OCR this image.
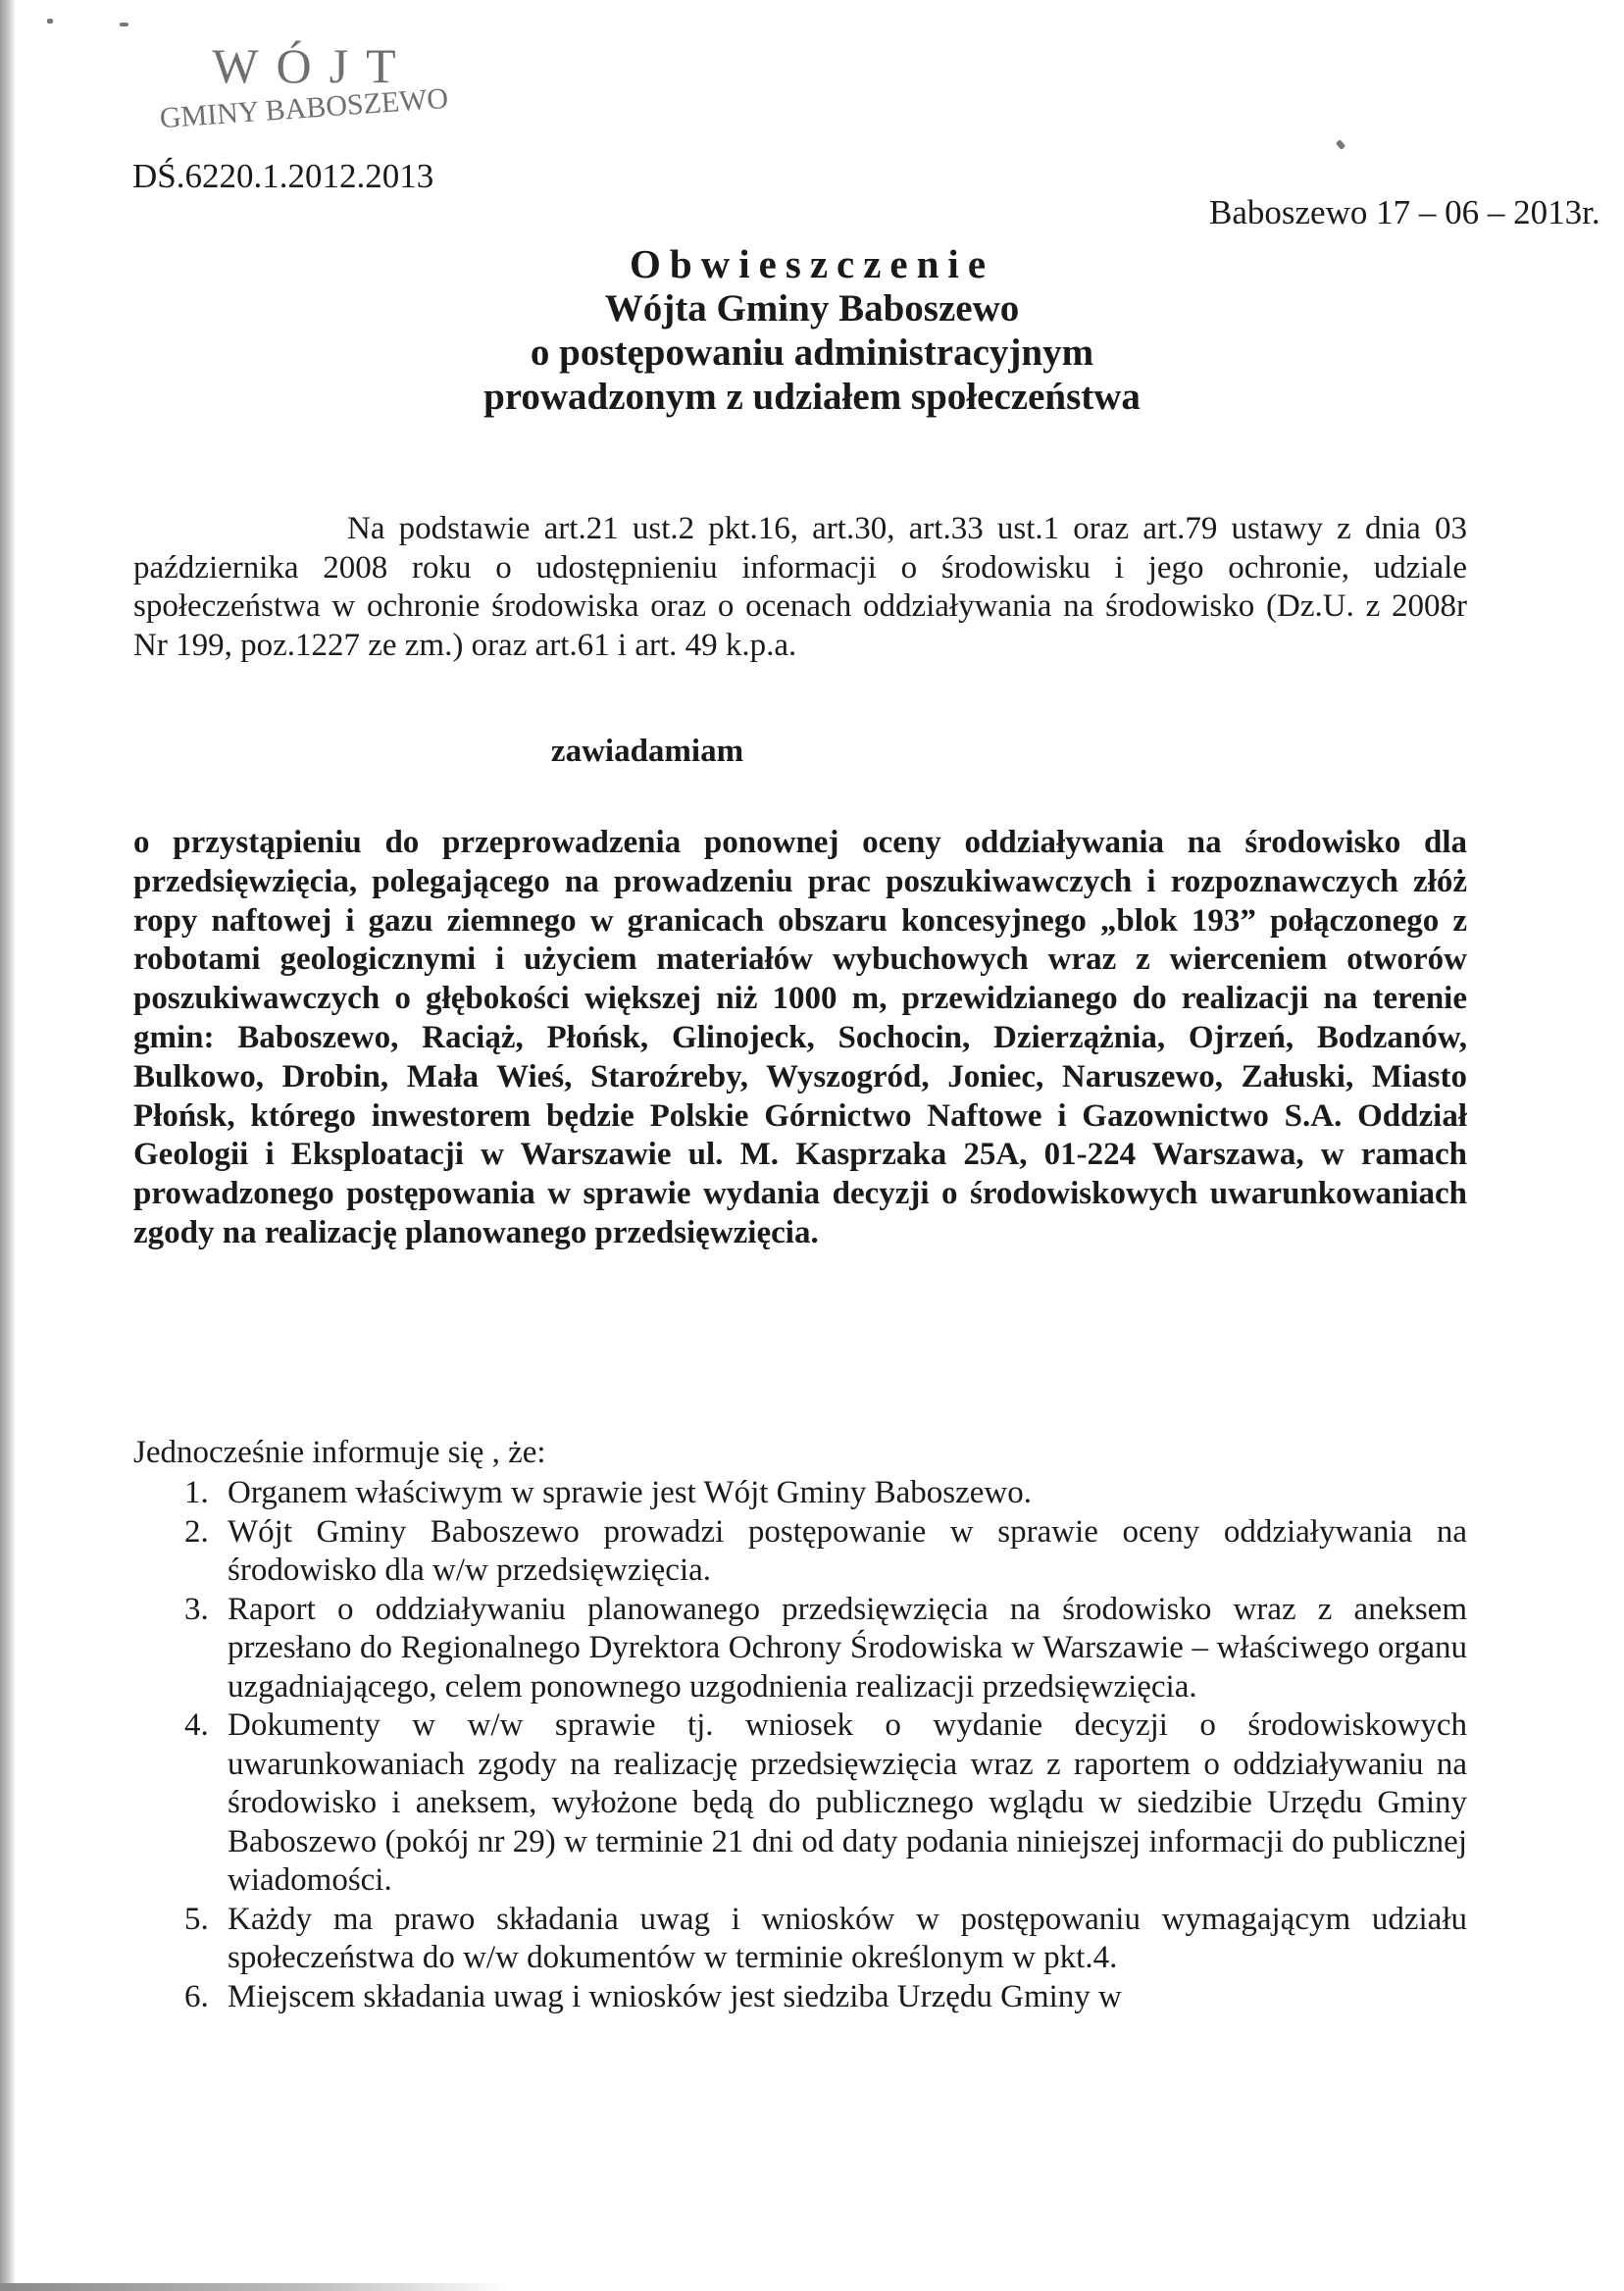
WÓJT
GMINY BABOSZEWO
DŚ.6220.1.2012.2013
Baboszewo 17 – 06 – 2013r.
Obwieszczenie
Wójta Gminy Baboszewo
o postępowaniu administracyjnym
prowadzonym z udziałem społeczeństwa
Na podstawie art.21 ust.2 pkt.16, art.30, art.33 ust.1 oraz art.79 ustawy z dnia 03 października 2008 roku o udostępnieniu informacji o środowisku i jego ochronie, udziale społeczeństwa w ochronie środowiska oraz o ocenach oddziaływania na środowisko (Dz.U. z 2008r Nr 199, poz.1227 ze zm.) oraz art.61 i art. 49 k.p.a.
zawiadamiam
o przystąpieniu do przeprowadzenia ponownej oceny oddziaływania na środowisko dla przedsięwzięcia, polegającego na prowadzeniu prac poszukiwawczych i rozpoznawczych złóż ropy naftowej i gazu ziemnego w granicach obszaru koncesyjnego „blok 193” połączonego z robotami geologicznymi i użyciem materiałów wybuchowych wraz z wierceniem otworów poszukiwawczych o głębokości większej niż 1000 m, przewidzianego do realizacji na terenie gmin: Baboszewo, Raciąż, Płońsk, Glinojeck, Sochocin, Dzierzążnia, Ojrzeń, Bodzanów, Bulkowo, Drobin, Mała Wieś, Staroźreby, Wyszogród, Joniec, Naruszewo, Załuski, Miasto Płońsk, którego inwestorem będzie Polskie Górnictwo Naftowe i Gazownictwo S.A. Oddział Geologii i Eksploatacji w Warszawie ul. M. Kasprzaka 25A, 01-224 Warszawa, w ramach prowadzonego postępowania w sprawie wydania decyzji o środowiskowych uwarunkowaniach zgody na realizację planowanego przedsięwzięcia.
Jednocześnie informuje się , że:
1. Organem właściwym w sprawie jest Wójt Gminy Baboszewo.
2. Wójt Gminy Baboszewo prowadzi postępowanie w sprawie oceny oddziaływania na środowisko dla w/w przedsięwzięcia.
3. Raport o oddziaływaniu planowanego przedsięwzięcia na środowisko wraz z aneksem przesłano do Regionalnego Dyrektora Ochrony Środowiska w Warszawie – właściwego organu uzgadniającego, celem ponownego uzgodnienia realizacji przedsięwzięcia.
4. Dokumenty w w/w sprawie tj. wniosek o wydanie decyzji o środowiskowych uwarunkowaniach zgody na realizację przedsięwzięcia wraz z raportem o oddziaływaniu na środowisko i aneksem, wyłożone będą do publicznego wglądu w siedzibie Urzędu Gminy Baboszewo (pokój nr 29) w terminie 21 dni od daty podania niniejszej informacji do publicznej wiadomości.
5. Każdy ma prawo składania uwag i wniosków w postępowaniu wymagającym udziału społeczeństwa do w/w dokumentów w terminie określonym w pkt.4.
6. Miejscem składania uwag i wniosków jest siedziba Urzędu Gminy w
